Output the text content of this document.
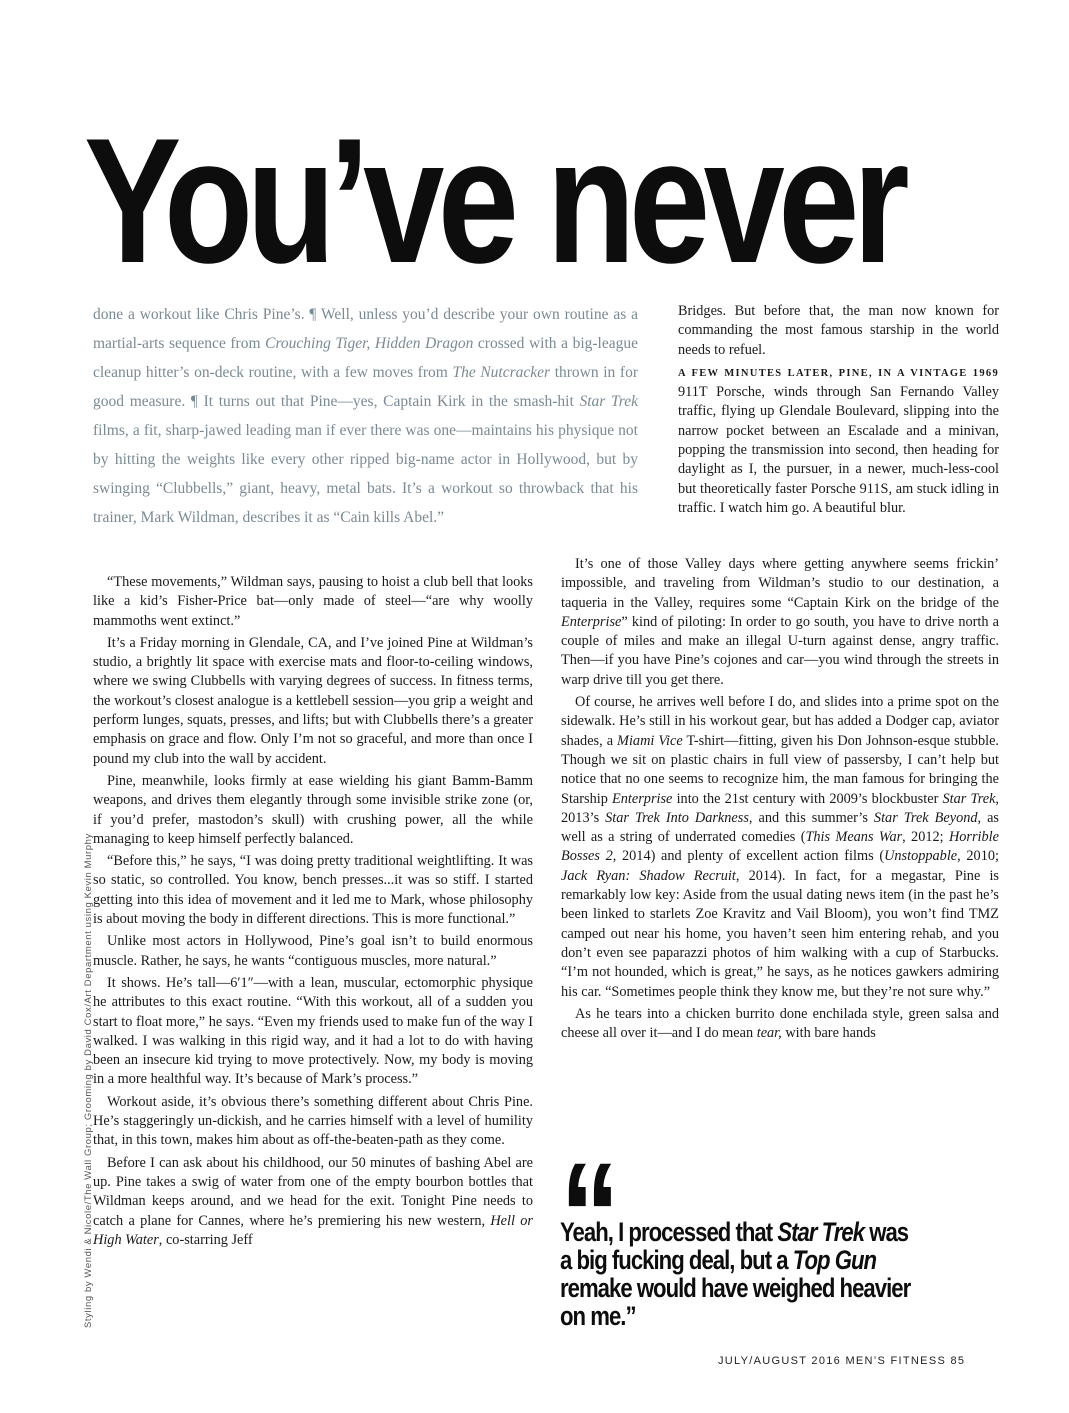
You’ve never

done a workout like Chris Pine’s. ¶ Well, unless you’d describe your own routine as a martial-arts sequence from Crouching Tiger, Hidden Dragon crossed with a big-league cleanup hitter’s on-deck routine, with a few moves from The Nutcracker thrown in for good measure. ¶ It turns out that Pine—yes, Captain Kirk in the smash-hit Star Trek films, a fit, sharp-jawed leading man if ever there was one—maintains his physique not by hitting the weights like every other ripped big-name actor in Hollywood, but by swinging “Clubbells,” giant, heavy, metal bats. It’s a workout so throwback that his trainer, Mark Wildman, describes it as “Cain kills Abel.”

“These movements,” Wildman says, pausing to hoist a club bell that looks like a kid’s Fisher-Price bat—only made of steel—“are why woolly mammoths went extinct.”

It’s a Friday morning in Glendale, CA, and I’ve joined Pine at Wildman’s studio, a brightly lit space with exercise mats and floor-to-ceiling windows, where we swing Clubbells with varying degrees of success. In fitness terms, the workout’s closest analogue is a kettlebell session—you grip a weight and perform lunges, squats, presses, and lifts; but with Clubbells there’s a greater emphasis on grace and flow. Only I’m not so graceful, and more than once I pound my club into the wall by accident.

Pine, meanwhile, looks firmly at ease wielding his giant Bamm-Bamm weapons, and drives them elegantly through some invisible strike zone (or, if you’d prefer, mastodon’s skull) with crushing power, all the while managing to keep himself perfectly balanced.

“Before this,” he says, “I was doing pretty traditional weightlifting. It was so static, so controlled. You know, bench presses...it was so stiff. I started getting into this idea of movement and it led me to Mark, whose philosophy is about moving the body in different directions. This is more functional.”

Unlike most actors in Hollywood, Pine’s goal isn’t to build enormous muscle. Rather, he says, he wants “contiguous muscles, more natural.”

It shows. He’s tall—6′1″—with a lean, muscular, ectomorphic physique he attributes to this exact routine. “With this workout, all of a sudden you start to float more,” he says. “Even my friends used to make fun of the way I walked. I was walking in this rigid way, and it had a lot to do with having been an insecure kid trying to move protectively. Now, my body is moving in a more healthful way. It’s because of Mark’s process.”

Workout aside, it’s obvious there’s something different about Chris Pine. He’s staggeringly un-dickish, and he carries himself with a level of humility that, in this town, makes him about as off-the-beaten-path as they come.

Before I can ask about his childhood, our 50 minutes of bashing Abel are up. Pine takes a swig of water from one of the empty bourbon bottles that Wildman keeps around, and we head for the exit. Tonight Pine needs to catch a plane for Cannes, where he’s premiering his new western, Hell or High Water, co-starring Jeff

Bridges. But before that, the man now known for commanding the most famous starship in the world needs to refuel.

A FEW MINUTES LATER, PINE, IN A VINTAGE 1969 911T Porsche, winds through San Fernando Valley traffic, flying up Glendale Boulevard, slipping into the narrow pocket between an Escalade and a minivan, popping the transmission into second, then heading for daylight as I, the pursuer, in a newer, much-less-cool but theoretically faster Porsche 911S, am stuck idling in traffic. I watch him go. A beautiful blur.

It’s one of those Valley days where getting anywhere seems frickin’ impossible, and traveling from Wildman’s studio to our destination, a taqueria in the Valley, requires some “Captain Kirk on the bridge of the Enterprise” kind of piloting: In order to go south, you have to drive north a couple of miles and make an illegal U-turn against dense, angry traffic. Then—if you have Pine’s cojones and car—you wind through the streets in warp drive till you get there.

Of course, he arrives well before I do, and slides into a prime spot on the sidewalk. He’s still in his workout gear, but has added a Dodger cap, aviator shades, a Miami Vice T-shirt—fitting, given his Don Johnson-esque stubble. Though we sit on plastic chairs in full view of passersby, I can’t help but notice that no one seems to recognize him, the man famous for bringing the Starship Enterprise into the 21st century with 2009’s blockbuster Star Trek, 2013’s Star Trek Into Darkness, and this summer’s Star Trek Beyond, as well as a string of underrated comedies (This Means War, 2012; Horrible Bosses 2, 2014) and plenty of excellent action films (Unstoppable, 2010; Jack Ryan: Shadow Recruit, 2014). In fact, for a megastar, Pine is remarkably low key: Aside from the usual dating news item (in the past he’s been linked to starlets Zoe Kravitz and Vail Bloom), you won’t find TMZ camped out near his home, you haven’t seen him entering rehab, and you don’t even see paparazzi photos of him walking with a cup of Starbucks. “I’m not hounded, which is great,” he says, as he notices gawkers admiring his car. “Sometimes people think they know me, but they’re not sure why.”

As he tears into a chicken burrito done enchilada style, green salsa and cheese all over it—and I do mean tear, with bare hands

Styling by Wendi & Nicole/The Wall Group; Grooming by David Cox/Art Department using Kevin Murphy	“

Yeah, I processed that Star Trek was a big fucking deal, but a Top Gun remake would have weighed heavier on me.”

JULY/AUGUST 2016 MEN’S FITNESS 85
